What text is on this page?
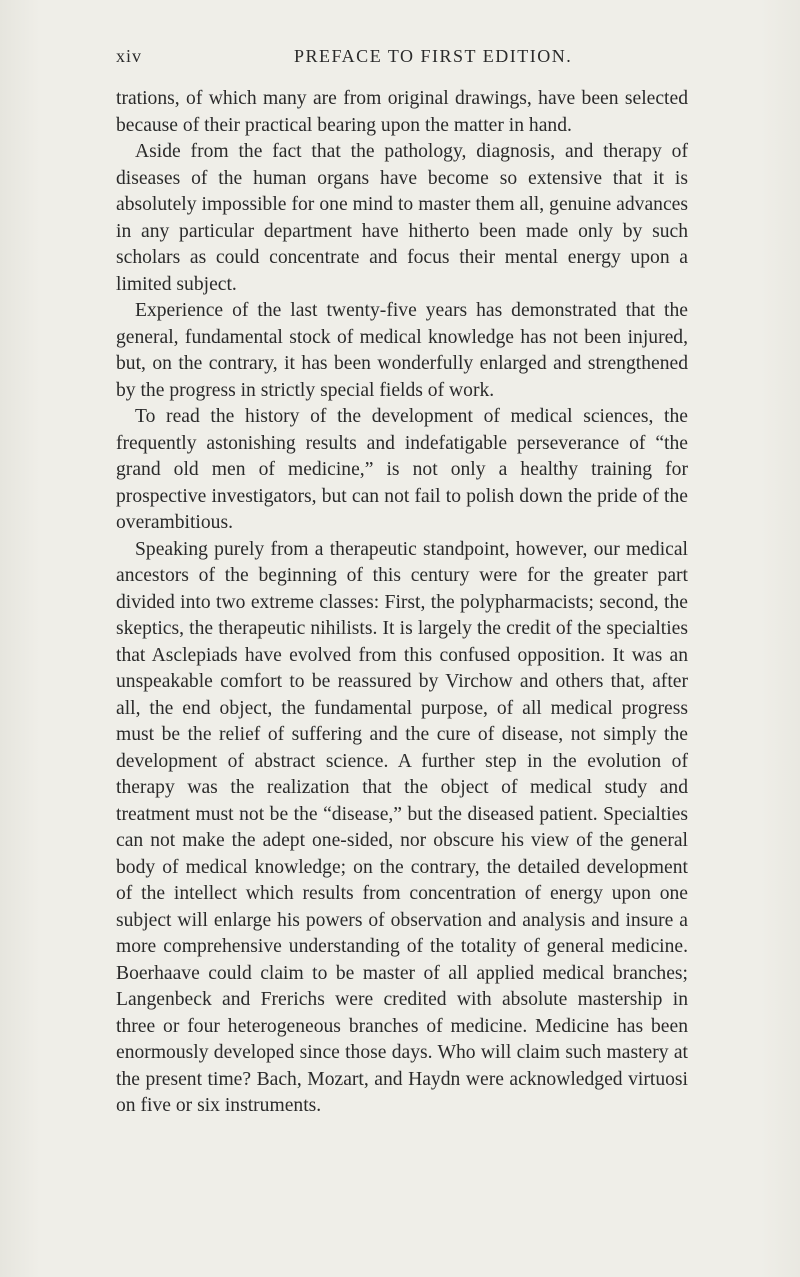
xiv	PREFACE TO FIRST EDITION.

trations, of which many are from original drawings, have been selected because of their practical bearing upon the matter in hand.

Aside from the fact that the pathology, diagnosis, and therapy of diseases of the human organs have become so extensive that it is absolutely impossible for one mind to master them all, genuine advances in any particular department have hitherto been made only by such scholars as could concentrate and focus their mental energy upon a limited subject.

Experience of the last twenty-five years has demonstrated that the general, fundamental stock of medical knowledge has not been injured, but, on the contrary, it has been wonderfully enlarged and strengthened by the progress in strictly special fields of work.

To read the history of the development of medical sciences, the frequently astonishing results and indefatigable perseverance of “the grand old men of medicine,” is not only a healthy training for prospective investigators, but can not fail to polish down the pride of the overambitious.

Speaking purely from a therapeutic standpoint, however, our medical ancestors of the beginning of this century were for the greater part divided into two extreme classes: First, the polypharmacists; second, the skeptics, the therapeutic nihilists. It is largely the credit of the specialties that Asclepiads have evolved from this confused opposition. It was an unspeakable comfort to be reassured by Virchow and others that, after all, the end object, the fundamental purpose, of all medical progress must be the relief of suffering and the cure of disease, not simply the development of abstract science. A further step in the evolution of therapy was the realization that the object of medical study and treatment must not be the “disease,” but the diseased patient. Specialties can not make the adept one-sided, nor obscure his view of the general body of medical knowledge; on the contrary, the detailed development of the intellect which results from concentration of energy upon one subject will enlarge his powers of observation and analysis and insure a more comprehensive understanding of the totality of general medicine. Boerhaave could claim to be master of all applied medical branches; Langenbeck and Frerichs were credited with absolute mastership in three or four heterogeneous branches of medicine. Medicine has been enormously developed since those days. Who will claim such mastery at the present time? Bach, Mozart, and Haydn were acknowledged virtuosi on five or six instruments.
